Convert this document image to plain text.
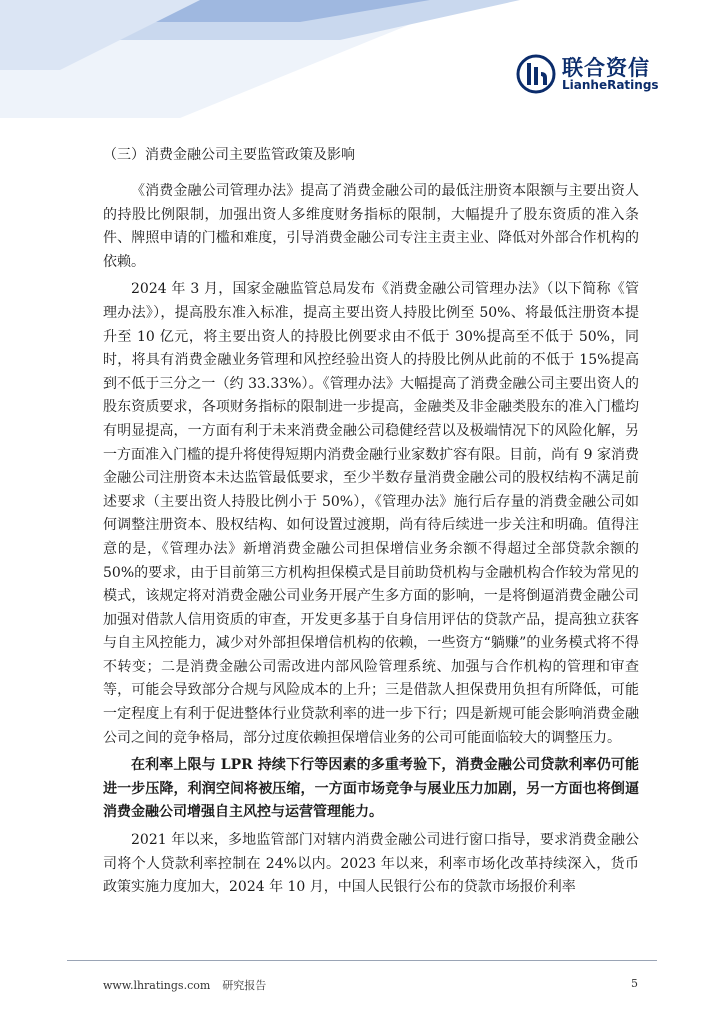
联合资信
LianheRatings
（三）消费金融公司主要监管政策及影响

《消费金融公司管理办法》提高了消费金融公司的最低注册资本限额与主要出资人的持股比例限制，加强出资人多维度财务指标的限制，大幅提升了股东资质的准入条件、牌照申请的门槛和难度，引导消费金融公司专注主责主业、降低对外部合作机构的依赖。

2024 年 3 月，国家金融监管总局发布《消费金融公司管理办法》（以下简称《管理办法》），提高股东准入标准，提高主要出资人持股比例至 50%、将最低注册资本提升至 10 亿元，将主要出资人的持股比例要求由不低于 30%提高至不低于 50%，同时，将具有消费金融业务管理和风控经验出资人的持股比例从此前的不低于 15%提高到不低于三分之一（约 33.33%）。《管理办法》大幅提高了消费金融公司主要出资人的股东资质要求，各项财务指标的限制进一步提高，金融类及非金融类股东的准入门槛均有明显提高，一方面有利于未来消费金融公司稳健经营以及极端情况下的风险化解，另一方面准入门槛的提升将使得短期内消费金融行业家数扩容有限。目前，尚有 9 家消费金融公司注册资本未达监管最低要求，至少半数存量消费金融公司的股权结构不满足前述要求（主要出资人持股比例小于 50%），《管理办法》施行后存量的消费金融公司如何调整注册资本、股权结构、如何设置过渡期，尚有待后续进一步关注和明确。值得注意的是，《管理办法》新增消费金融公司担保增信业务余额不得超过全部贷款余额的 50%的要求，由于目前第三方机构担保模式是目前助贷机构与金融机构合作较为常见的模式，该规定将对消费金融公司业务开展产生多方面的影响，一是将倒逼消费金融公司加强对借款人信用资质的审查，开发更多基于自身信用评估的贷款产品，提高独立获客与自主风控能力，减少对外部担保增信机构的依赖，一些资方“躺赚”的业务模式将不得不转变；二是消费金融公司需改进内部风险管理系统、加强与合作机构的管理和审查等，可能会导致部分合规与风险成本的上升；三是借款人担保费用负担有所降低，可能一定程度上有利于促进整体行业贷款利率的进一步下行；四是新规可能会影响消费金融公司之间的竞争格局，部分过度依赖担保增信业务的公司可能面临较大的调整压力。

在利率上限与 LPR 持续下行等因素的多重考验下，消费金融公司贷款利率仍可能进一步压降，利润空间将被压缩，一方面市场竞争与展业压力加剧，另一方面也将倒逼消费金融公司增强自主风控与运营管理能力。

2021 年以来，多地监管部门对辖内消费金融公司进行窗口指导，要求消费金融公司将个人贷款利率控制在 24%以内。2023 年以来，利率市场化改革持续深入，货币政策实施力度加大，2024 年 10 月，中国人民银行公布的贷款市场报价利率

www.lhratings.com 研究报告	5
